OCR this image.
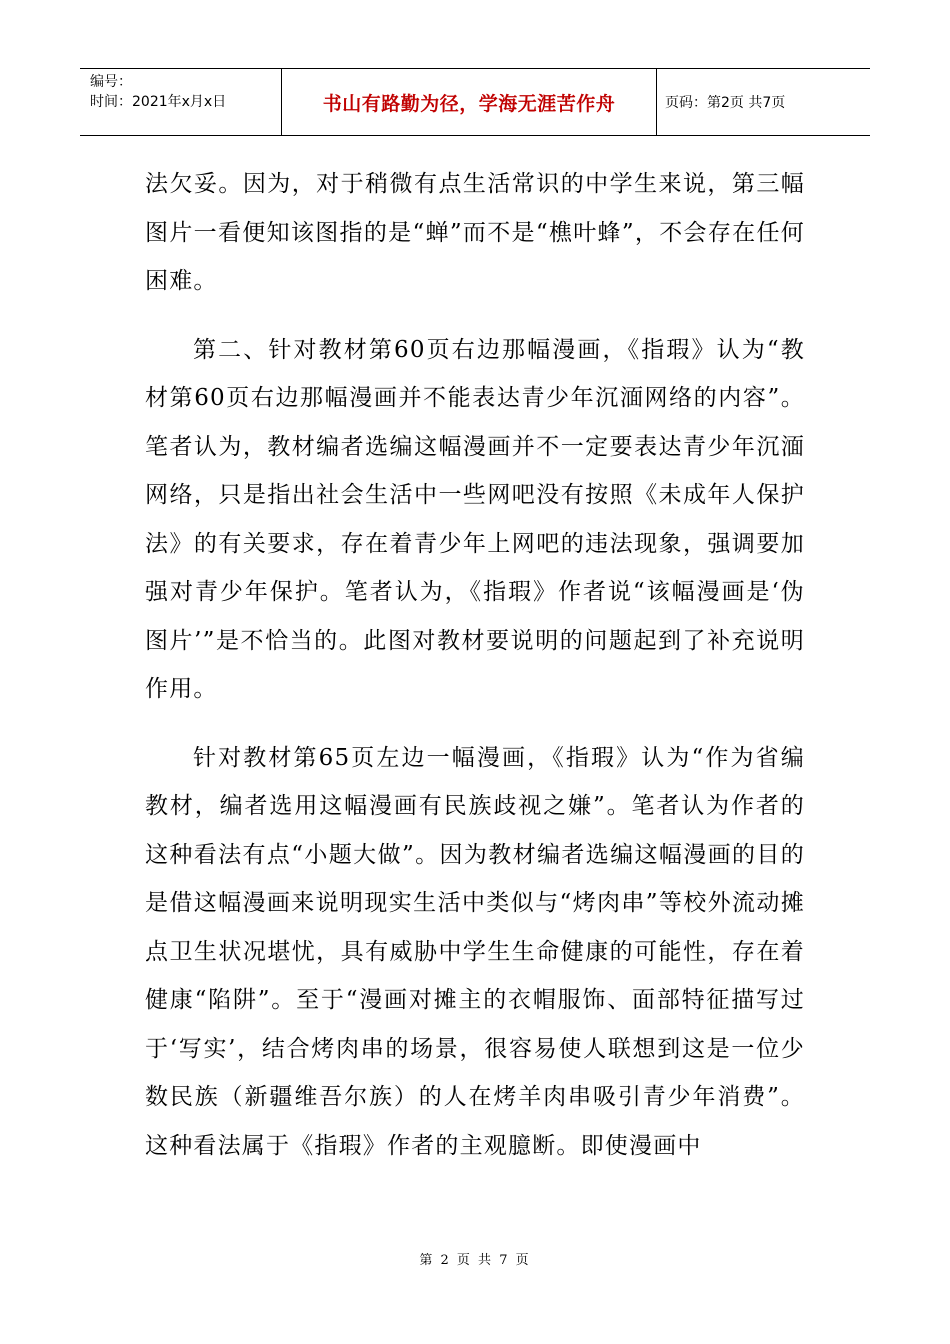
编号：
时间：2021年x月x日	书山有路勤为径，学海无涯苦作舟	页码：第2页 共7页

法欠妥。因为，对于稍微有点生活常识的中学生来说，第三幅图片一看便知该图指的是“蝉”而不是“樵叶蜂”，不会存在任何困难。

第二、针对教材第60页右边那幅漫画，《指瑕》认为“教材第60页右边那幅漫画并不能表达青少年沉湎网络的内容”。笔者认为，教材编者选编这幅漫画并不一定要表达青少年沉湎网络，只是指出社会生活中一些网吧没有按照《未成年人保护法》的有关要求，存在着青少年上网吧的违法现象，强调要加强对青少年保护。笔者认为，《指瑕》作者说“该幅漫画是‘伪图片’”是不恰当的。此图对教材要说明的问题起到了补充说明作用。

针对教材第65页左边一幅漫画，《指瑕》认为“作为省编教材，编者选用这幅漫画有民族歧视之嫌”。笔者认为作者的这种看法有点“小题大做”。因为教材编者选编这幅漫画的目的是借这幅漫画来说明现实生活中类似与“烤肉串”等校外流动摊点卫生状况堪忧，具有威胁中学生生命健康的可能性，存在着健康“陷阱”。至于“漫画对摊主的衣帽服饰、面部特征描写过于‘写实’，结合烤肉串的场景，很容易使人联想到这是一位少数民族（新疆维吾尔族）的人在烤羊肉串吸引青少年消费”。这种看法属于《指瑕》作者的主观臆断。即使漫画中

第 2 页 共 7 页
